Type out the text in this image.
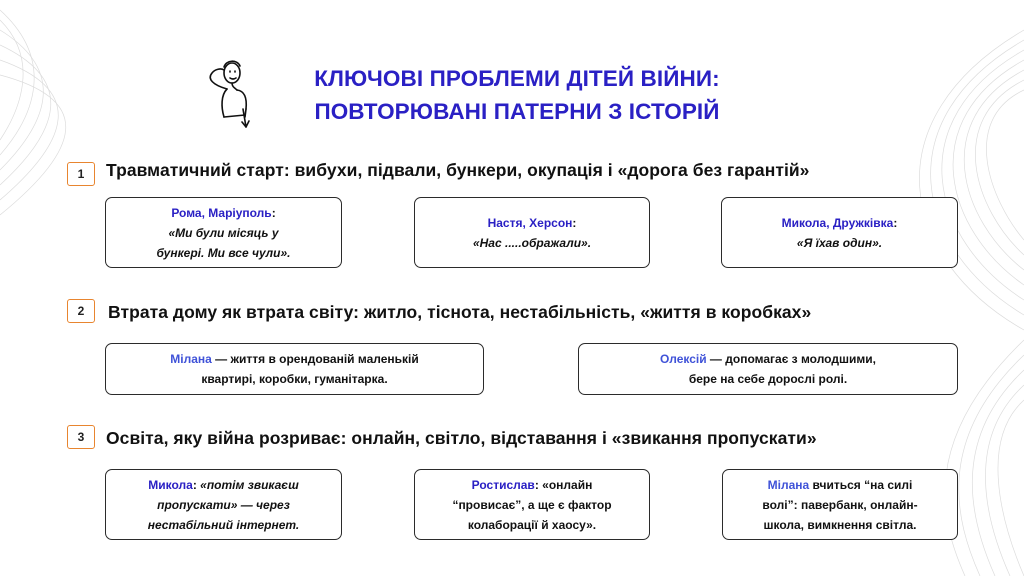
КЛЮЧОВІ ПРОБЛЕМИ ДІТЕЙ ВІЙНИ:
ПОВТОРЮВАНІ ПАТЕРНИ З ІСТОРІЙ
1	Травматичний старт: вибухи, підвали, бункери, окупація і «дорога без гарантій»
Рома, Маріуполь:
«Ми були місяць у
бункері. Ми все чули».
Настя, Херсон:
«Нас .....ображали».
Микола, Дружківка:
«Я їхав один».
2	Втрата дому як втрата світу: житло, тіснота, нестабільність, «життя в коробках»
Мілана — життя в орендованій маленькій
квартирі, коробки, гуманітарка.
Олексій — допомагає з молодшими,
бере на себе дорослі ролі.
3	Освіта, яку війна розриває: онлайн, світло, відставання і «звикання пропускати»
Микола: «потім звикаєш
пропускати» — через
нестабільний інтернет.
Ростислав: «онлайн
“провисає”, а ще є фактор
колаборації й хаосу».
Мілана вчиться “на силі
волі”: павербанк, онлайн-
школа, вимкнення світла.
